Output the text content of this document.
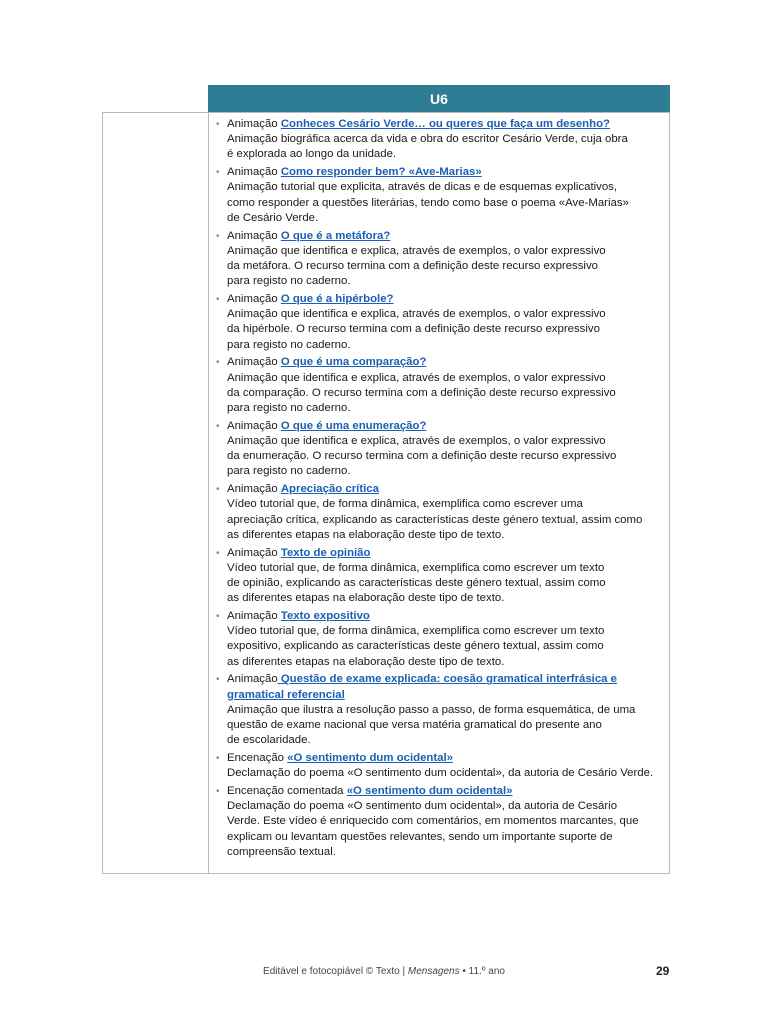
U6
• Animação Conheces Cesário Verde… ou queres que faça um desenho?
Animação biográfica acerca da vida e obra do escritor Cesário Verde, cuja obra
é explorada ao longo da unidade.
• Animação Como responder bem? «Ave-Marias»
Animação tutorial que explicita, através de dicas e de esquemas explicativos,
como responder a questões literárias, tendo como base o poema «Ave-Marias»
de Cesário Verde.
• Animação O que é a metáfora?
Animação que identifica e explica, através de exemplos, o valor expressivo
da metáfora. O recurso termina com a definição deste recurso expressivo
para registo no caderno.
• Animação O que é a hipérbole?
Animação que identifica e explica, através de exemplos, o valor expressivo
da hipérbole. O recurso termina com a definição deste recurso expressivo
para registo no caderno.
• Animação O que é uma comparação?
Animação que identifica e explica, através de exemplos, o valor expressivo
da comparação. O recurso termina com a definição deste recurso expressivo
para registo no caderno.
• Animação O que é uma enumeração?
Animação que identifica e explica, através de exemplos, o valor expressivo
da enumeração. O recurso termina com a definição deste recurso expressivo
para registo no caderno.
• Animação Apreciação crítica
Vídeo tutorial que, de forma dinâmica, exemplifica como escrever uma
apreciação crítica, explicando as características deste género textual, assim como
as diferentes etapas na elaboração deste tipo de texto.
• Animação Texto de opinião
Vídeo tutorial que, de forma dinâmica, exemplifica como escrever um texto
de opinião, explicando as características deste género textual, assim como
as diferentes etapas na elaboração deste tipo de texto.
• Animação Texto expositivo
Vídeo tutorial que, de forma dinâmica, exemplifica como escrever um texto
expositivo, explicando as características deste género textual, assim como
as diferentes etapas na elaboração deste tipo de texto.
• Animação Questão de exame explicada: coesão gramatical interfrásica e gramatical referencial
Animação que ilustra a resolução passo a passo, de forma esquemática, de uma
questão de exame nacional que versa matéria gramatical do presente ano
de escolaridade.
• Encenação «O sentimento dum ocidental»
Declamação do poema «O sentimento dum ocidental», da autoria de Cesário Verde.
• Encenação comentada «O sentimento dum ocidental»
Declamação do poema «O sentimento dum ocidental», da autoria de Cesário
Verde. Este vídeo é enriquecido com comentários, em momentos marcantes, que
explicam ou levantam questões relevantes, sendo um importante suporte de
compreensão textual.
Editável e fotocopiável © Texto | Mensagens • 11.º ano	29
